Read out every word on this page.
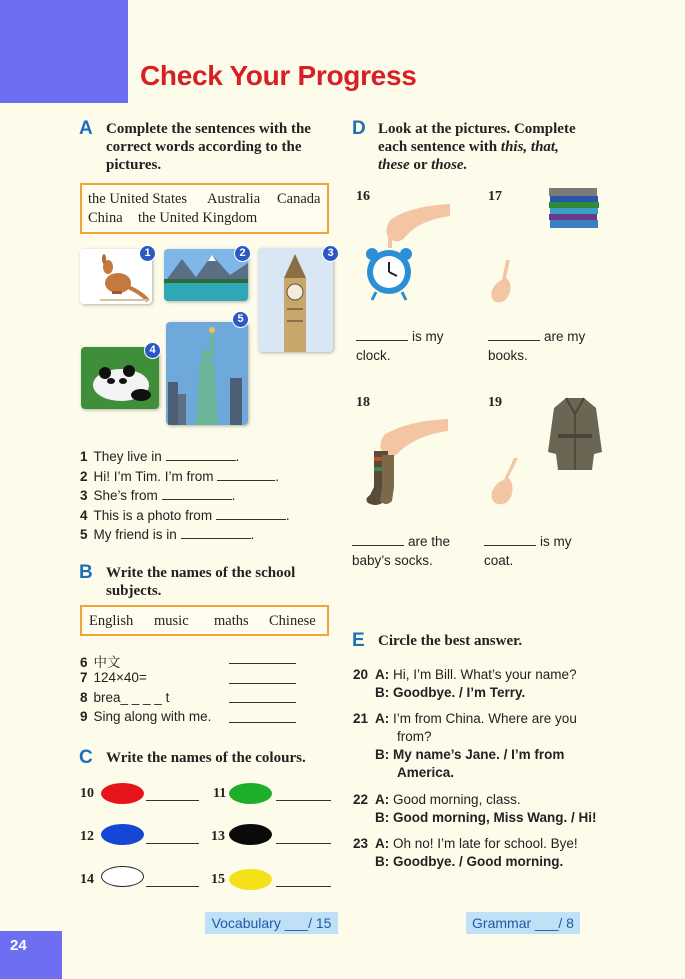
Check Your Progress
24
A Complete the sentences with the
correct words according to the
pictures.
the United States Australia Canada
China the United Kingdom
1	2	3
4
5
1 They live in	.
2 Hi! I’m Tim. I’m from	.
3 She’s from	.
4 This is a photo from	.
5 My friend is in	.
B Write the names of the school
subjects.
English music maths Chinese
6 中文
7 124×40=
8 brea_ _ _ _ t
9 Sing along with me.
C Write the names of the colours.
10	11
12	13
14	15
D Look at the pictures. Complete
each sentence with this, that,
these or those.
16
is my
clock.
17
are my
books.
18
are the
baby’s socks.
19
is my
coat.
E Circle the best answer.
20 A: Hi, I’m Bill. What’s your name?
B: Goodbye. / I’m Terry.
21 A: I’m from China. Where are you
from?
B: My name’s Jane. / I’m from
America.
22 A: Good morning, class.
B: Good morning, Miss Wang. / Hi!
23 A: Oh no! I’m late for school. Bye!
B: Goodbye. / Good morning.
Vocabulary ___/ 15	Grammar ___/ 8
